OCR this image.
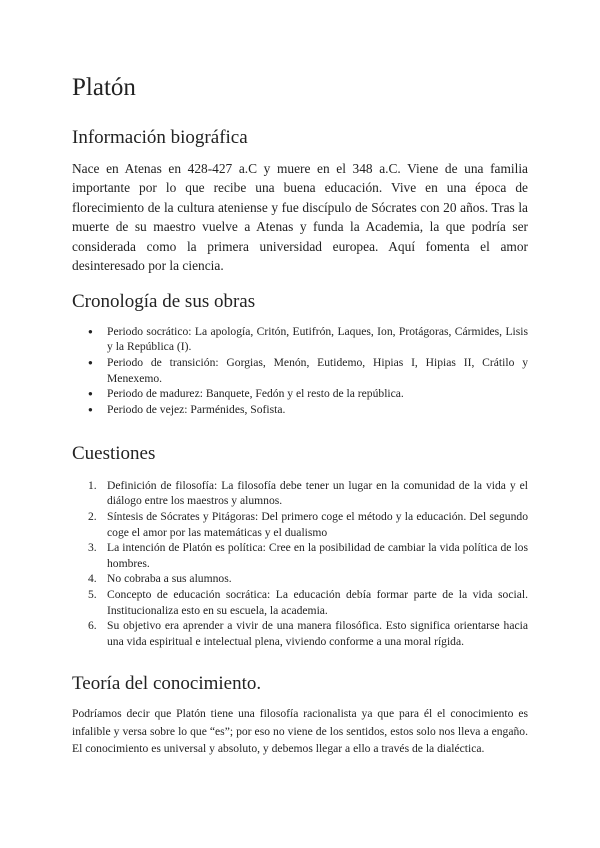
Platón
Información biográfica

Nace en Atenas en 428-427 a.C y muere en el 348 a.C. Viene de una familia importante por lo que recibe una buena educación. Vive en una época de florecimiento de la cultura ateniense y fue discípulo de Sócrates con 20 años. Tras la muerte de su maestro vuelve a Atenas y funda la Academia, la que podría ser considerada como la primera universidad europea. Aquí fomenta el amor desinteresado por la ciencia.

Cronología de sus obras
● Periodo socrático: La apología, Critón, Eutifrón, Laques, Ion, Protágoras, Cármides, Lisis y la República (I).
● Periodo de transición: Gorgias, Menón, Eutidemo, Hipias I, Hipias II, Crátilo y Menexemo.
● Periodo de madurez: Banquete, Fedón y el resto de la república.
● Periodo de vejez: Parménides, Sofista.
Cuestiones
1. Definición de filosofía: La filosofía debe tener un lugar en la comunidad de la vida y el diálogo entre los maestros y alumnos.
2. Síntesis de Sócrates y Pitágoras: Del primero coge el método y la educación. Del segundo coge el amor por las matemáticas y el dualismo
3. La intención de Platón es política: Cree en la posibilidad de cambiar la vida política de los hombres.
4. No cobraba a sus alumnos.
5. Concepto de educación socrática: La educación debía formar parte de la vida social. Institucionaliza esto en su escuela, la academia.
6. Su objetivo era aprender a vivir de una manera filosófica. Esto significa orientarse hacia una vida espiritual e intelectual plena, viviendo conforme a una moral rígida.
Teoría del conocimiento.

Podríamos decir que Platón tiene una filosofía racionalista ya que para él el conocimiento es infalible y versa sobre lo que “es”; por eso no viene de los sentidos, estos solo nos lleva a engaño. El conocimiento es universal y absoluto, y debemos llegar a ello a través de la dialéctica.
